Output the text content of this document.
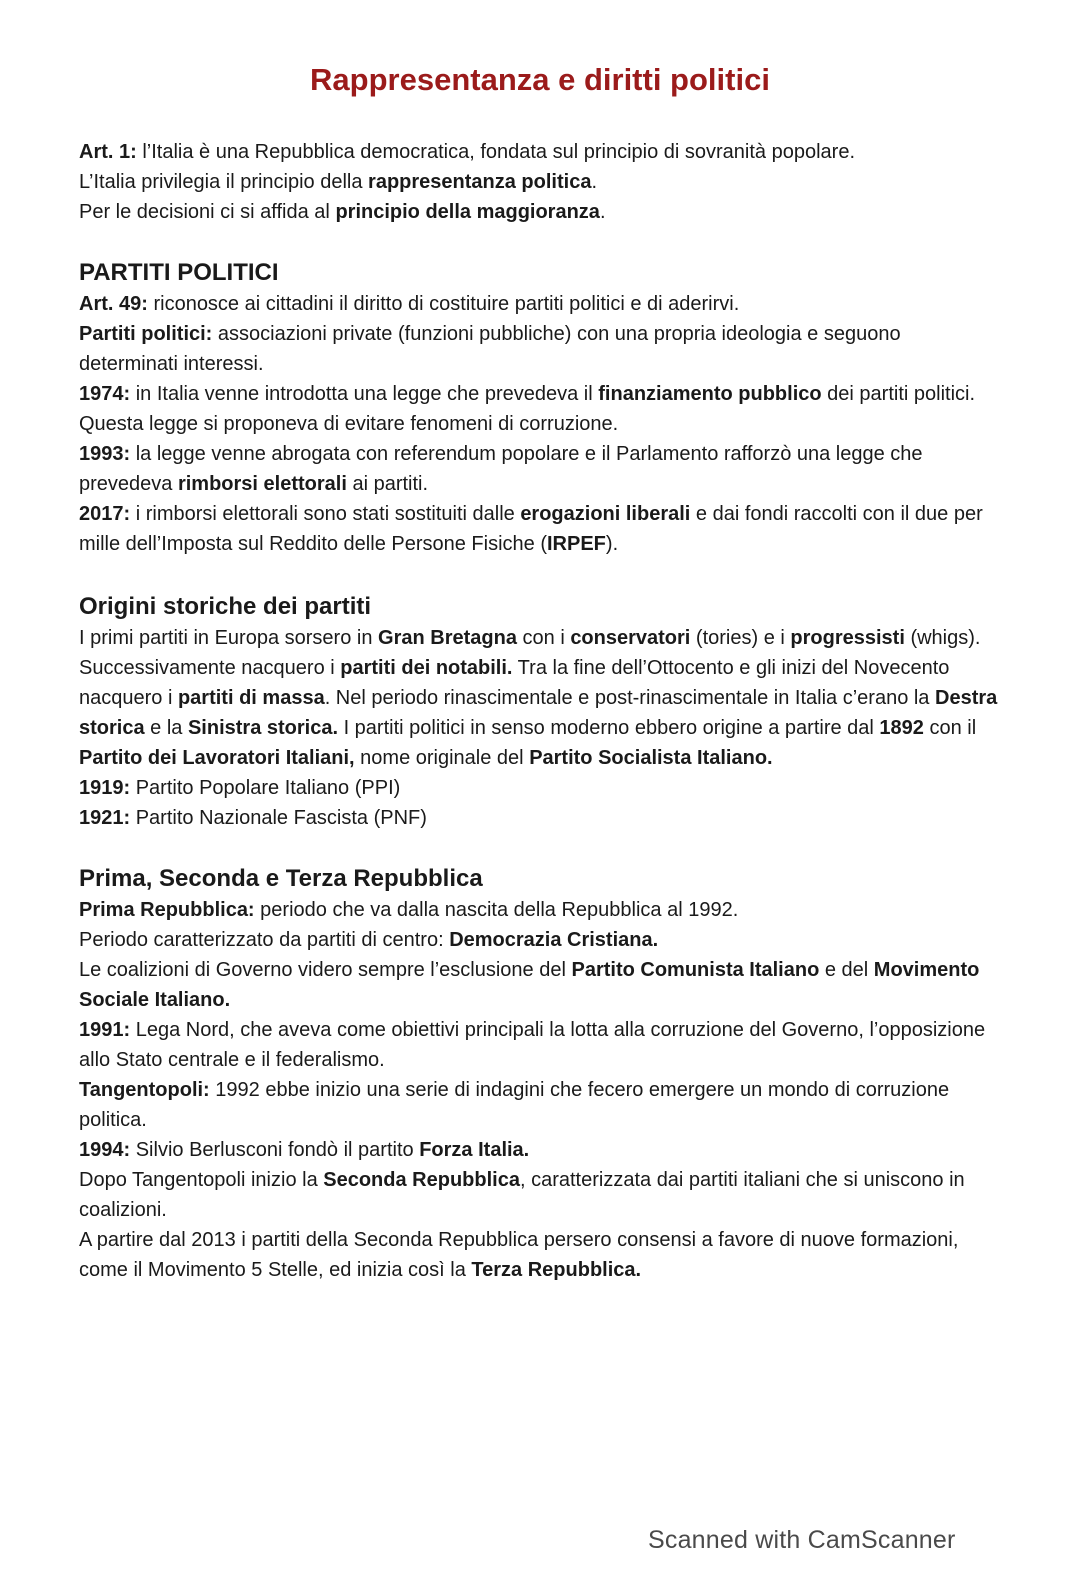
Rappresentanza e diritti politici

Art. 1: l’Italia è una Repubblica democratica, fondata sul principio di sovranità popolare.

L’Italia privilegia il principio della rappresentanza politica.

Per le decisioni ci si affida al principio della maggioranza.

PARTITI POLITICI

Art. 49: riconosce ai cittadini il diritto di costituire partiti politici e di aderirvi.

Partiti politici: associazioni private (funzioni pubbliche) con una propria ideologia e seguono determinati interessi.

1974: in Italia venne introdotta una legge che prevedeva il finanziamento pubblico dei partiti politici. Questa legge si proponeva di evitare fenomeni di corruzione.

1993: la legge venne abrogata con referendum popolare e il Parlamento rafforzò una legge che prevedeva rimborsi elettorali ai partiti.

2017: i rimborsi elettorali sono stati sostituiti dalle erogazioni liberali e dai fondi raccolti con il due per mille dell’Imposta sul Reddito delle Persone Fisiche (IRPEF).

Origini storiche dei partiti

I primi partiti in Europa sorsero in Gran Bretagna con i conservatori (tories) e i progressisti (whigs). Successivamente nacquero i partiti dei notabili. Tra la fine dell’Ottocento e gli inizi del Novecento nacquero i partiti di massa. Nel periodo rinascimentale e post-rinascimentale in Italia c’erano la Destra storica e la Sinistra storica. I partiti politici in senso moderno ebbero origine a partire dal 1892 con il Partito dei Lavoratori Italiani, nome originale del Partito Socialista Italiano.

1919: Partito Popolare Italiano (PPI)

1921: Partito Nazionale Fascista (PNF)

Prima, Seconda e Terza Repubblica

Prima Repubblica: periodo che va dalla nascita della Repubblica al 1992.

Periodo caratterizzato da partiti di centro: Democrazia Cristiana.

Le coalizioni di Governo videro sempre l’esclusione del Partito Comunista Italiano e del Movimento Sociale Italiano.

1991: Lega Nord, che aveva come obiettivi principali la lotta alla corruzione del Governo, l’opposizione allo Stato centrale e il federalismo.

Tangentopoli: 1992 ebbe inizio una serie di indagini che fecero emergere un mondo di corruzione politica.

1994: Silvio Berlusconi fondò il partito Forza Italia.

Dopo Tangentopoli inizio la Seconda Repubblica, caratterizzata dai partiti italiani che si uniscono in coalizioni.

A partire dal 2013 i partiti della Seconda Repubblica persero consensi a favore di nuove formazioni, come il Movimento 5 Stelle, ed inizia così la Terza Repubblica.

Scanned with CamScanner
